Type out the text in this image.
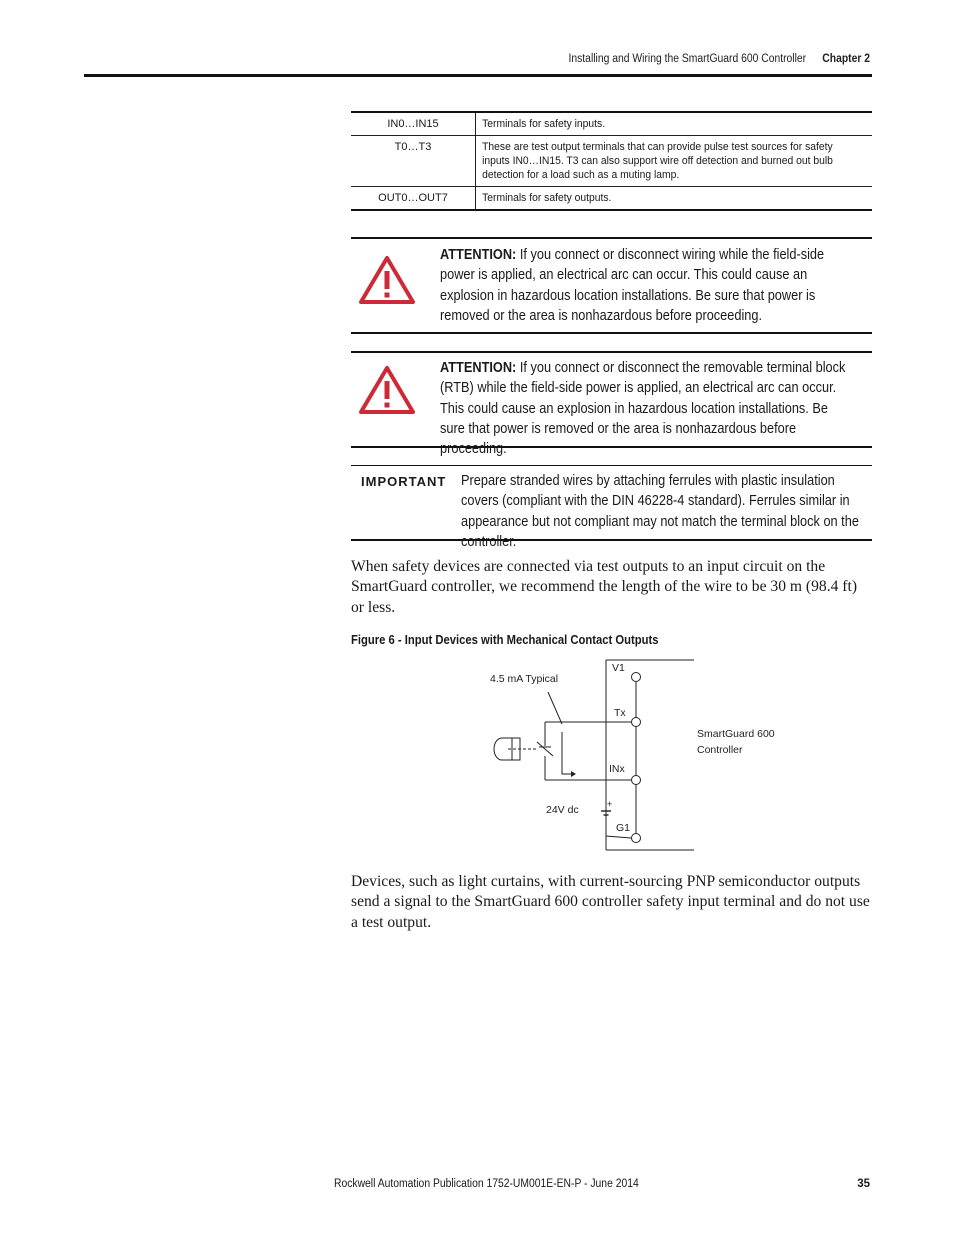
Installing and Wiring the SmartGuard 600 Controller Chapter 2
IN0…IN15	Terminals for safety inputs.
T0…T3	These are test output terminals that can provide pulse test sources for safety inputs IN0…IN15. T3 can also support wire off detection and burned out bulb detection for a load such as a muting lamp.
OUT0…OUT7	Terminals for safety outputs.
ATTENTION: If you connect or disconnect wiring while the field-side power is applied, an electrical arc can occur. This could cause an explosion in hazardous location installations. Be sure that power is removed or the area is nonhazardous before proceeding.
ATTENTION: If you connect or disconnect the removable terminal block (RTB) while the field-side power is applied, an electrical arc can occur. This could cause an explosion in hazardous location installations. Be sure that power is removed or the area is nonhazardous before proceeding.
IMPORTANT Prepare stranded wires by attaching ferrules with plastic insulation covers (compliant with the DIN 46228-4 standard). Ferrules similar in appearance but not compliant may not match the terminal block on the controller.
When safety devices are connected via test outputs to an input circuit on the SmartGuard controller, we recommend the length of the wire to be 30 m (98.4 ft) or less.
Figure 6 - Input Devices with Mechanical Contact Outputs
V1
4.5 mA Typical
Tx
INx
24V dc	+
G1
SmartGuard 600
Controller
Devices, such as light curtains, with current-sourcing PNP semiconductor outputs send a signal to the SmartGuard 600 controller safety input terminal and do not use a test output.
Rockwell Automation Publication 1752-UM001E-EN-P - June 2014	35
